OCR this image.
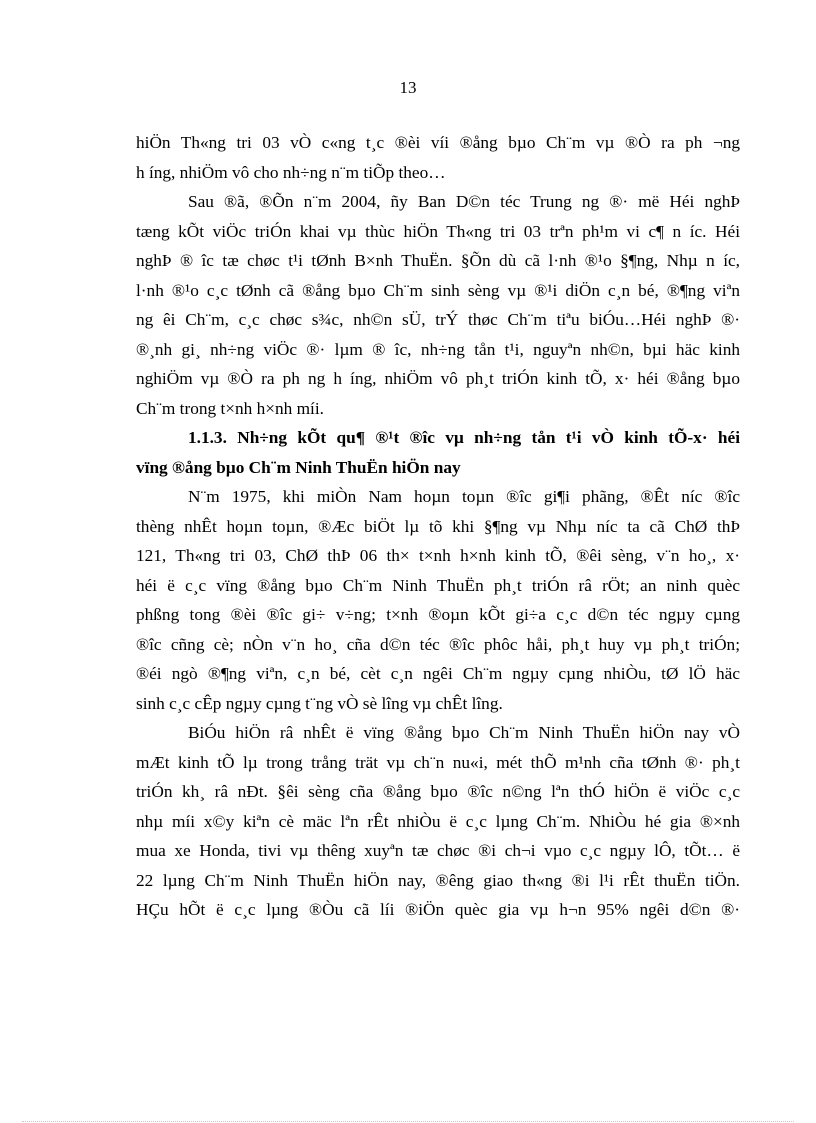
13
hiÖn Th«ng tri 03 vÒ c«ng t¸c ®èi víi ®ång bµo Ch¨m vµ ®Ò ra ph ¬ng
h íng, nhiÖm vô cho nh÷ng n¨m tiÕp theo…
Sau ®ã, ®Õn n¨m 2004, ñy Ban D©n téc Trung ng ®· më Héi nghÞ
tæng kÕt viÖc triÓn khai vµ thùc hiÖn Th«ng tri 03 trªn ph¹m vi c¶ n íc. Héi
nghÞ ® îc tæ chøc t¹i tØnh B×nh ThuËn. §Õn dù cã l·nh ®¹o §¶ng, Nhµ n íc,
l·nh ®¹o c¸c tØnh cã ®ång bµo Ch¨m sinh sèng vµ ®¹i diÖn c¸n bé, ®¶ng viªn
ng êi Ch¨m, c¸c chøc s¾c, nh©n sÜ, trÝ thøc Ch¨m tiªu biÓu…Héi nghÞ ®·
®¸nh gi¸ nh÷ng viÖc ®· lµm ® îc, nh÷ng tån t¹i, nguyªn nh©n, bµi häc kinh
nghiÖm vµ ®Ò ra ph ng h íng, nhiÖm vô ph¸t triÓn kinh tÕ, x· héi ®ång bµo
Ch¨m trong t×nh h×nh míi.
1.1.3. Nh÷ng kÕt qu¶ ®¹t ®îc vµ nh÷ng tån t¹i vÒ kinh tÕ-x· héi
vïng ®ång bµo Ch¨m Ninh ThuËn hiÖn nay
N¨m 1975, khi miÒn Nam hoµn toµn ®îc gi¶i phãng, ®Êt níc ®îc
thèng nhÊt hoµn toµn, ®Æc biÖt lµ tõ khi §¶ng vµ Nhµ níc ta cã ChØ thÞ
121, Th«ng tri 03, ChØ thÞ 06 th× t×nh h×nh kinh tÕ, ®êi sèng, v¨n ho¸, x·
héi ë c¸c vïng ®ång bµo Ch¨m Ninh ThuËn ph¸t triÓn râ rÖt; an ninh quèc
phßng tong ®èi ®îc gi÷ v÷ng; t×nh ®oµn kÕt gi÷a c¸c d©n téc ngµy cµng
®îc cñng cè; nÒn v¨n ho¸ cña d©n téc ®îc phôc håi, ph¸t huy vµ ph¸t triÓn;
®éi ngò ®¶ng viªn, c¸n bé, cèt c¸n ngêi Ch¨m ngµy cµng nhiÒu, tØ lÖ häc
sinh c¸c cÊp ngµy cµng t¨ng vÒ sè lîng vµ chÊt lîng.
BiÓu hiÖn râ nhÊt ë vïng ®ång bµo Ch¨m Ninh ThuËn hiÖn nay vÒ
mÆt kinh tÕ lµ trong trång trät vµ ch¨n nu«i, mét thÕ m¹nh cña tØnh ®· ph¸t
triÓn kh¸ râ nÐt. §êi sèng cña ®ång bµo ®îc n©ng lªn thÓ hiÖn ë viÖc c¸c
nhµ míi x©y kiªn cè mäc lªn rÊt nhiÒu ë c¸c lµng Ch¨m. NhiÒu hé gia ®×nh
mua xe Honda, tivi vµ thêng xuyªn tæ chøc ®i ch¬i vµo c¸c ngµy lÔ, tÕt… ë
22 lµng Ch¨m Ninh ThuËn hiÖn nay, ®êng giao th«ng ®i l¹i rÊt thuËn tiÖn.
HÇu hÕt ë c¸c lµng ®Òu cã líi ®iÖn quèc gia vµ h¬n 95% ngêi d©n ®·
